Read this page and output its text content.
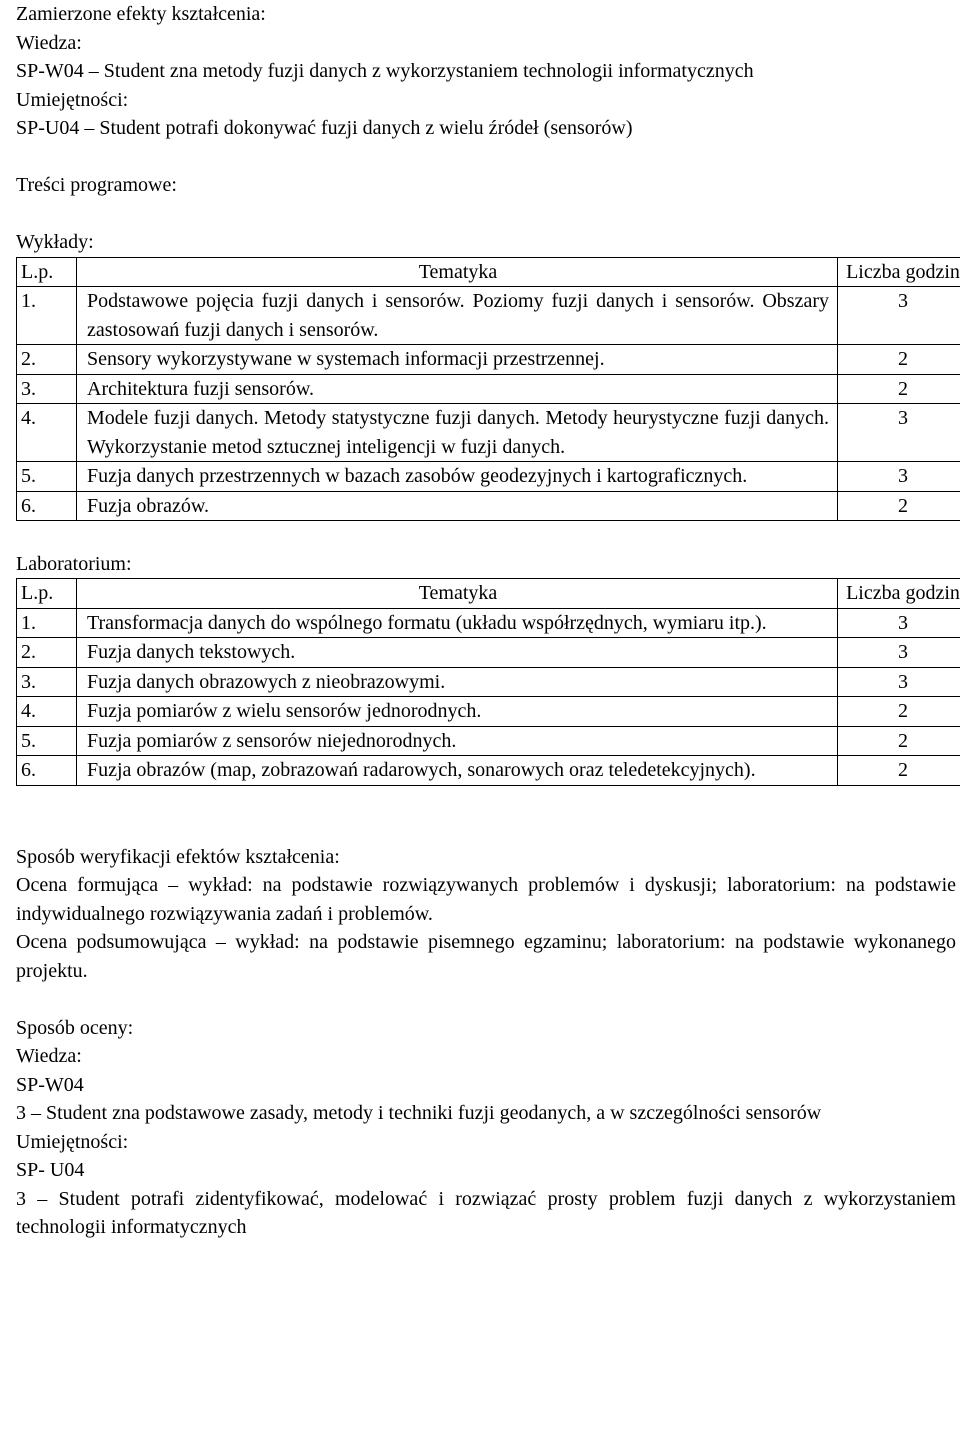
Zamierzone efekty kształcenia:
Wiedza:
SP-W04 – Student zna metody fuzji danych z wykorzystaniem technologii informatycznych
Umiejętności:
SP-U04 – Student potrafi dokonywać fuzji danych z wielu źródeł (sensorów)
Treści programowe:
Wykłady:
L.p.	Tematyka	Liczba godzin
1.	Podstawowe pojęcia fuzji danych i sensorów. Poziomy fuzji danych i sensorów. Obszary zastosowań fuzji danych i sensorów.	3
2.	Sensory wykorzystywane w systemach informacji przestrzennej.	2
3.	Architektura fuzji sensorów.	2
4.	Modele fuzji danych. Metody statystyczne fuzji danych. Metody heurystyczne fuzji danych. Wykorzystanie metod sztucznej inteligencji w fuzji danych.	3
5.	Fuzja danych przestrzennych w bazach zasobów geodezyjnych i kartograficznych.	3
6.	Fuzja obrazów.	2
Laboratorium:
L.p.	Tematyka	Liczba godzin
1.	Transformacja danych do wspólnego formatu (układu współrzędnych, wymiaru itp.).	3
2.	Fuzja danych tekstowych.	3
3.	Fuzja danych obrazowych z nieobrazowymi.	3
4.	Fuzja pomiarów z wielu sensorów jednorodnych.	2
5.	Fuzja pomiarów z sensorów niejednorodnych.	2
6.	Fuzja obrazów (map, zobrazowań radarowych, sonarowych oraz teledetekcyjnych).	2
Sposób weryfikacji efektów kształcenia:
Ocena formująca – wykład: na podstawie rozwiązywanych problemów i dyskusji; laboratorium: na podstawie indywidualnego rozwiązywania zadań i problemów.
Ocena podsumowująca – wykład: na podstawie pisemnego egzaminu; laboratorium: na podstawie wykonanego projektu.
Sposób oceny:
Wiedza:
SP-W04
3 – Student zna podstawowe zasady, metody i techniki fuzji geodanych, a w szczególności sensorów
Umiejętności:
SP- U04
3 – Student potrafi zidentyfikować, modelować i rozwiązać prosty problem fuzji danych z wykorzystaniem technologii informatycznych
